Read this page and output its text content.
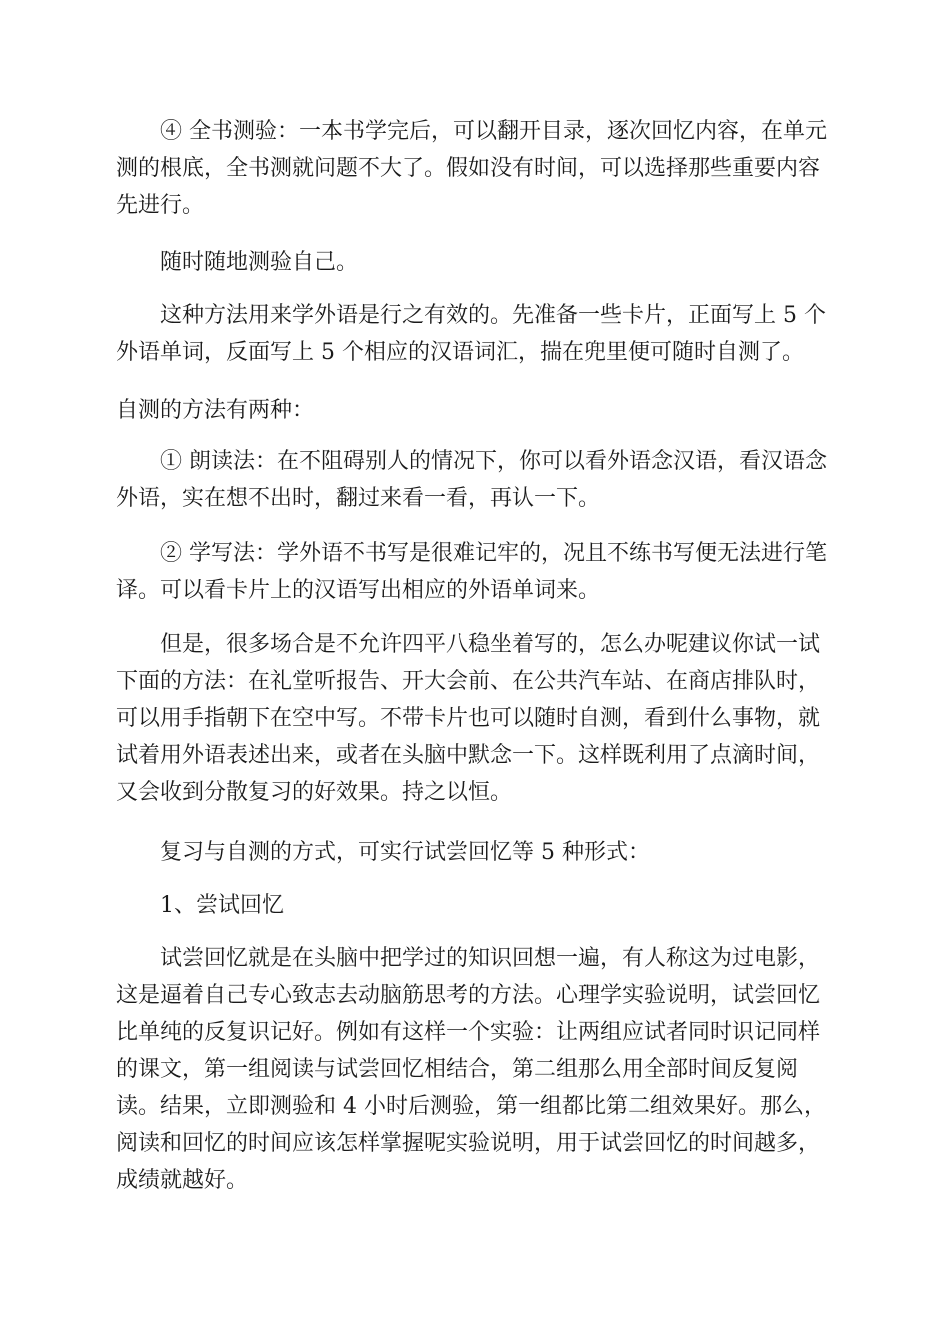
④ 全书测验：一本书学完后，可以翻开目录，逐次回忆内容，在单元测的根底，全书测就问题不大了。假如没有时间，可以选择那些重要内容先进行。

随时随地测验自己。

这种方法用来学外语是行之有效的。先准备一些卡片，正面写上 5 个外语单词，反面写上 5 个相应的汉语词汇，揣在兜里便可随时自测了。

自测的方法有两种：

① 朗读法：在不阻碍别人的情况下，你可以看外语念汉语，看汉语念外语，实在想不出时，翻过来看一看，再认一下。

② 学写法：学外语不书写是很难记牢的，况且不练书写便无法进行笔译。可以看卡片上的汉语写出相应的外语单词来。

但是，很多场合是不允许四平八稳坐着写的，怎么办呢建议你试一试下面的方法：在礼堂听报告、开大会前、在公共汽车站、在商店排队时，可以用手指朝下在空中写。不带卡片也可以随时自测，看到什么事物，就试着用外语表述出来，或者在头脑中默念一下。这样既利用了点滴时间，又会收到分散复习的好效果。持之以恒。

复习与自测的方式，可实行试尝回忆等 5 种形式：

1、尝试回忆

试尝回忆就是在头脑中把学过的知识回想一遍，有人称这为过电影，这是逼着自己专心致志去动脑筋思考的方法。心理学实验说明，试尝回忆比单纯的反复识记好。例如有这样一个实验：让两组应试者同时识记同样的课文，第一组阅读与试尝回忆相结合，第二组那么用全部时间反复阅读。结果，立即测验和 4 小时后测验，第一组都比第二组效果好。那么，阅读和回忆的时间应该怎样掌握呢实验说明，用于试尝回忆的时间越多，成绩就越好。
